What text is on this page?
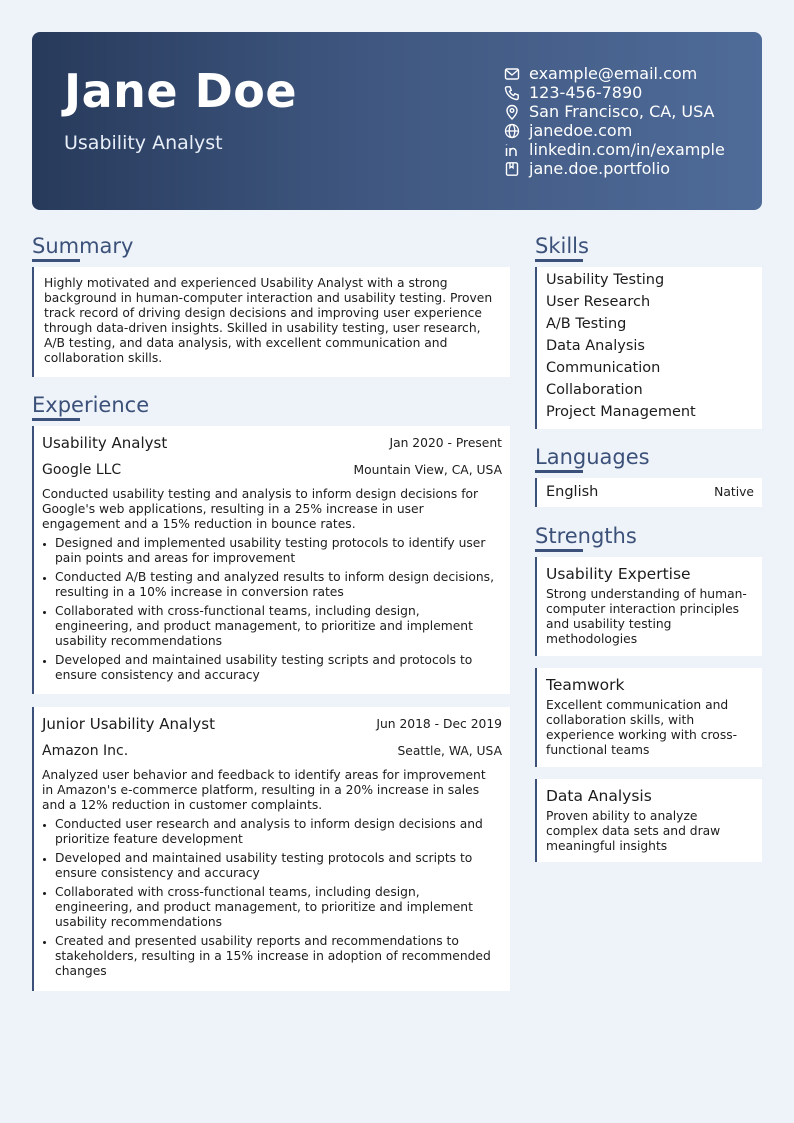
Jane Doe
Usability Analyst
example@email.com
123-456-7890
San Francisco, CA, USA
janedoe.com
linkedin.com/in/example
jane.doe.portfolio
Summary
Highly motivated and experienced Usability Analyst with a strong background in human-computer interaction and usability testing. Proven track record of driving design decisions and improving user experience through data-driven insights. Skilled in usability testing, user research, A/B testing, and data analysis, with excellent communication and collaboration skills.
Experience
Usability Analyst	Jan 2020 - Present
Google LLC	Mountain View, CA, USA
Conducted usability testing and analysis to inform design decisions for Google's web applications, resulting in a 25% increase in user engagement and a 15% reduction in bounce rates.
Designed and implemented usability testing protocols to identify user pain points and areas for improvement
Conducted A/B testing and analyzed results to inform design decisions, resulting in a 10% increase in conversion rates
Collaborated with cross-functional teams, including design, engineering, and product management, to prioritize and implement usability recommendations
Developed and maintained usability testing scripts and protocols to ensure consistency and accuracy
Junior Usability Analyst	Jun 2018 - Dec 2019
Amazon Inc.	Seattle, WA, USA
Analyzed user behavior and feedback to identify areas for improvement in Amazon's e-commerce platform, resulting in a 20% increase in sales and a 12% reduction in customer complaints.
Conducted user research and analysis to inform design decisions and prioritize feature development
Developed and maintained usability testing protocols and scripts to ensure consistency and accuracy
Collaborated with cross-functional teams, including design, engineering, and product management, to prioritize and implement usability recommendations
Created and presented usability reports and recommendations to stakeholders, resulting in a 15% increase in adoption of recommended changes
Skills
Usability Testing
User Research
A/B Testing
Data Analysis
Communication
Collaboration
Project Management
Languages
English	Native
Strengths
Usability Expertise
Strong understanding of human-computer interaction principles and usability testing methodologies
Teamwork
Excellent communication and collaboration skills, with experience working with cross-functional teams
Data Analysis
Proven ability to analyze complex data sets and draw meaningful insights
